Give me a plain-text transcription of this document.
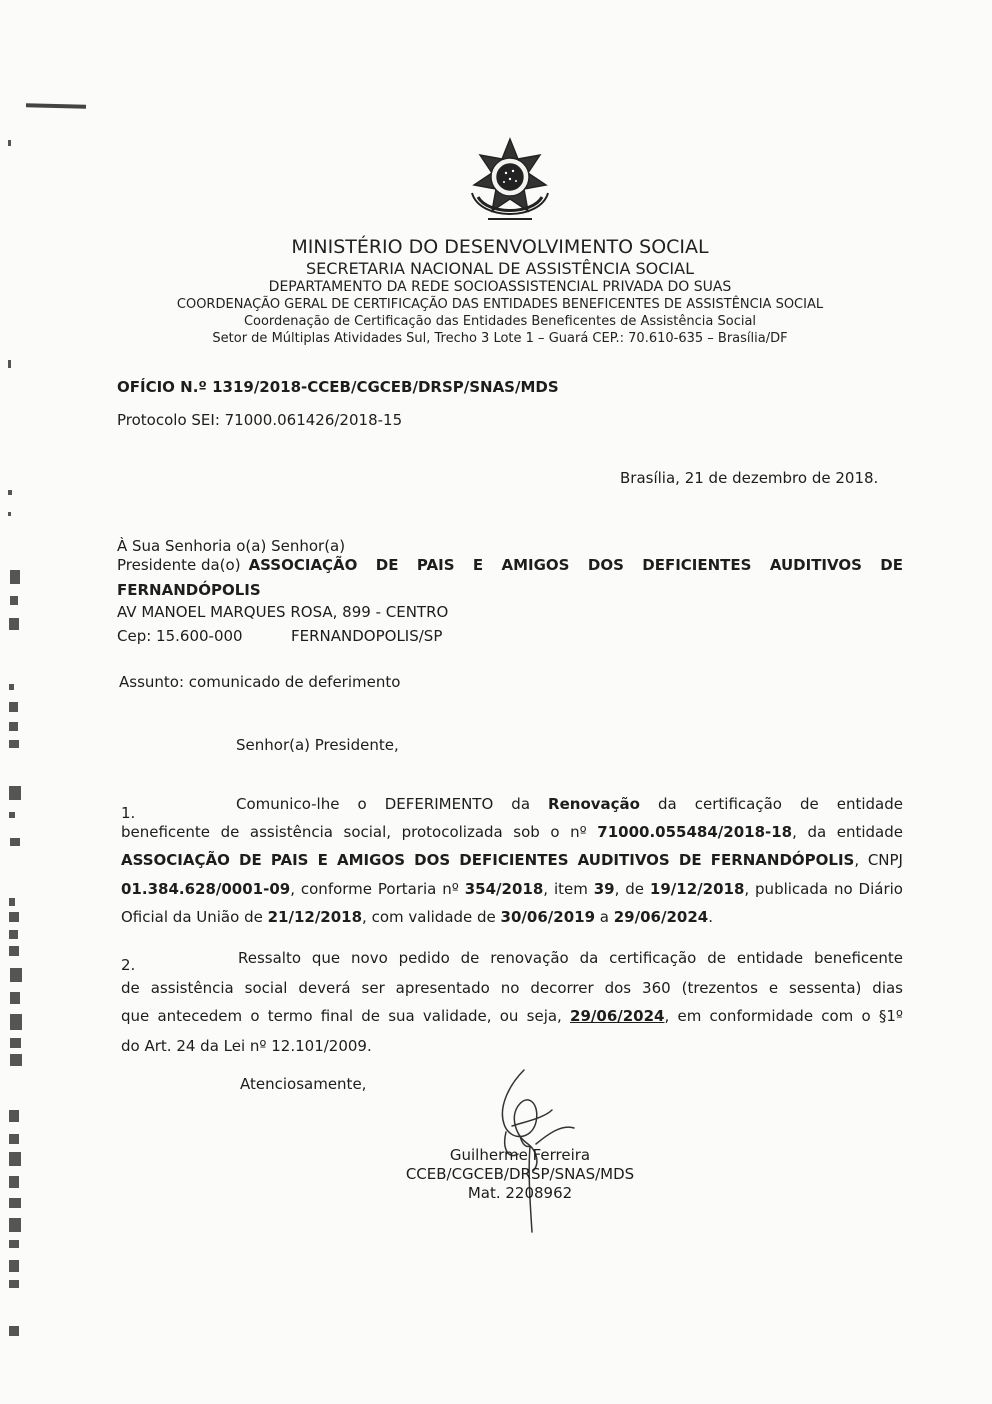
MINISTÉRIO DO DESENVOLVIMENTO SOCIAL
SECRETARIA NACIONAL DE ASSISTÊNCIA SOCIAL
DEPARTAMENTO DA REDE SOCIOASSISTENCIAL PRIVADA DO SUAS
COORDENAÇÃO GERAL DE CERTIFICAÇÃO DAS ENTIDADES BENEFICENTES DE ASSISTÊNCIA SOCIAL
Coordenação de Certificação das Entidades Beneficentes de Assistência Social
Setor de Múltiplas Atividades Sul, Trecho 3 Lote 1 – Guará CEP.: 70.610-635 – Brasília/DF
OFÍCIO N.º 1319/2018-CCEB/CGCEB/DRSP/SNAS/MDS
Protocolo SEI: 71000.061426/2018-15
Brasília, 21 de dezembro de 2018.
À Sua Senhoria o(a) Senhor(a)
Presidente da(o) ASSOCIAÇÃO DE PAIS E AMIGOS DOS DEFICIENTES AUDITIVOS DE
FERNANDÓPOLIS
AV MANOEL MARQUES ROSA, 899 - CENTRO
Cep: 15.600-000	FERNANDOPOLIS/SP
Assunto: comunicado de deferimento
Senhor(a) Presidente,
1.	Comunico-lhe o DEFERIMENTO da Renovação da certificação de entidade
beneficente de assistência social, protocolizada sob o nº 71000.055484/2018-18, da entidade
ASSOCIAÇÃO DE PAIS E AMIGOS DOS DEFICIENTES AUDITIVOS DE FERNANDÓPOLIS, CNPJ
01.384.628/0001-09, conforme Portaria nº 354/2018, item 39, de 19/12/2018, publicada no Diário
Oficial da União de 21/12/2018, com validade de 30/06/2019 a 29/06/2024.
2.	Ressalto que novo pedido de renovação da certificação de entidade beneficente
de assistência social deverá ser apresentado no decorrer dos 360 (trezentos e sessenta) dias
que antecedem o termo final de sua validade, ou seja, 29/06/2024, em conformidade com o §1º
do Art. 24 da Lei nº 12.101/2009.
Atenciosamente,
Guilherme Ferreira
CCEB/CGCEB/DRSP/SNAS/MDS
Mat. 2208962
